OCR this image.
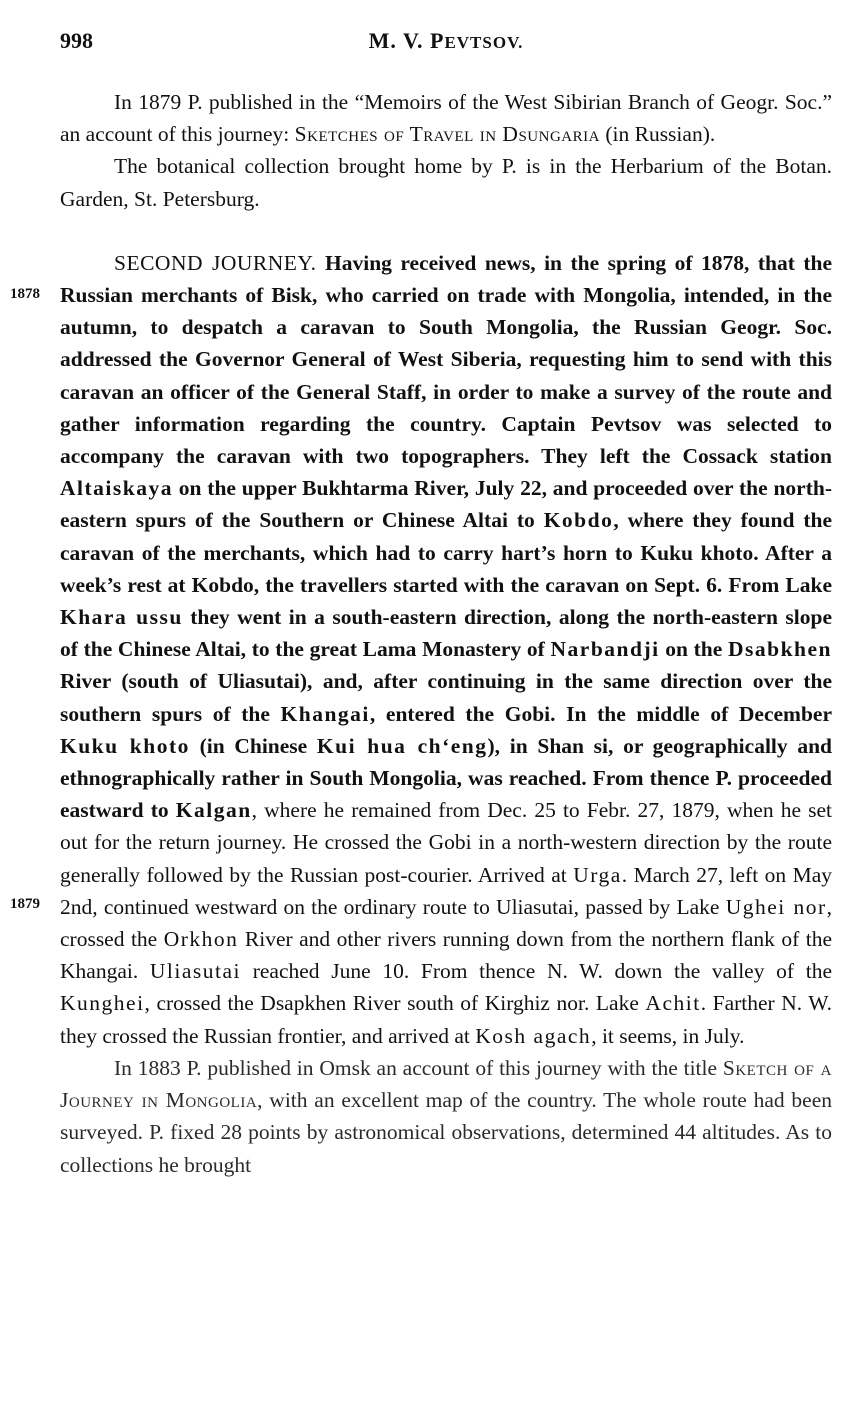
998	M. V. PEVTSOV.
1878
1879

In 1879 P. published in the “Memoirs of the West Sibirian Branch of Geogr. Soc.” an account of this journey: Sketches of Travel in Dsungaria (in Russian).

The botanical collection brought home by P. is in the Herbarium of the Botan. Garden, St. Petersburg.

SECOND JOURNEY. Having received news, in the spring of 1878, that the Russian merchants of Bisk, who carried on trade with Mongolia, intended, in the autumn, to despatch a caravan to South Mongolia, the Russian Geogr. Soc. addressed the Governor General of West Siberia, requesting him to send with this caravan an officer of the General Staff, in order to make a survey of the route and gather information regarding the country. Captain Pevtsov was selected to accompany the caravan with two topographers. They left the Cossack station Altaiskaya on the upper Bukhtarma River, July 22, and proceeded over the north-eastern spurs of the Southern or Chinese Altai to Kobdo, where they found the caravan of the merchants, which had to carry hart’s horn to Kuku khoto. After a week’s rest at Kobdo, the travellers started with the caravan on Sept. 6. From Lake Khara ussu they went in a south-eastern direction, along the north-eastern slope of the Chinese Altai, to the great Lama Monastery of Narbandji on the Dsabkhen River (south of Uliasutai), and, after continuing in the same direction over the southern spurs of the Khangai, entered the Gobi. In the middle of December Kuku khoto (in Chinese Kui hua ch‘eng), in Shan si, or geographically and ethnographically rather in South Mongolia, was reached. From thence P. proceeded eastward to Kalgan, where he remained from Dec. 25 to Febr. 27, 1879, when he set out for the return journey. He crossed the Gobi in a north-western direction by the route generally followed by the Russian post-courier. Arrived at Urga. March 27, left on May 2nd, continued westward on the ordinary route to Uliasutai, passed by Lake Ughei nor, crossed the Orkhon River and other rivers running down from the northern flank of the Khangai. Uliasutai reached June 10. From thence N. W. down the valley of the Kunghei, crossed the Dsapkhen River south of Kirghiz nor. Lake Achit. Farther N. W. they crossed the Russian frontier, and arrived at Kosh agach, it seems, in July.

In 1883 P. published in Omsk an account of this journey with the title Sketch of a Journey in Mongolia, with an excellent map of the country. The whole route had been surveyed. P. fixed 28 points by astronomical observations, determined 44 altitudes. As to collections he brought
